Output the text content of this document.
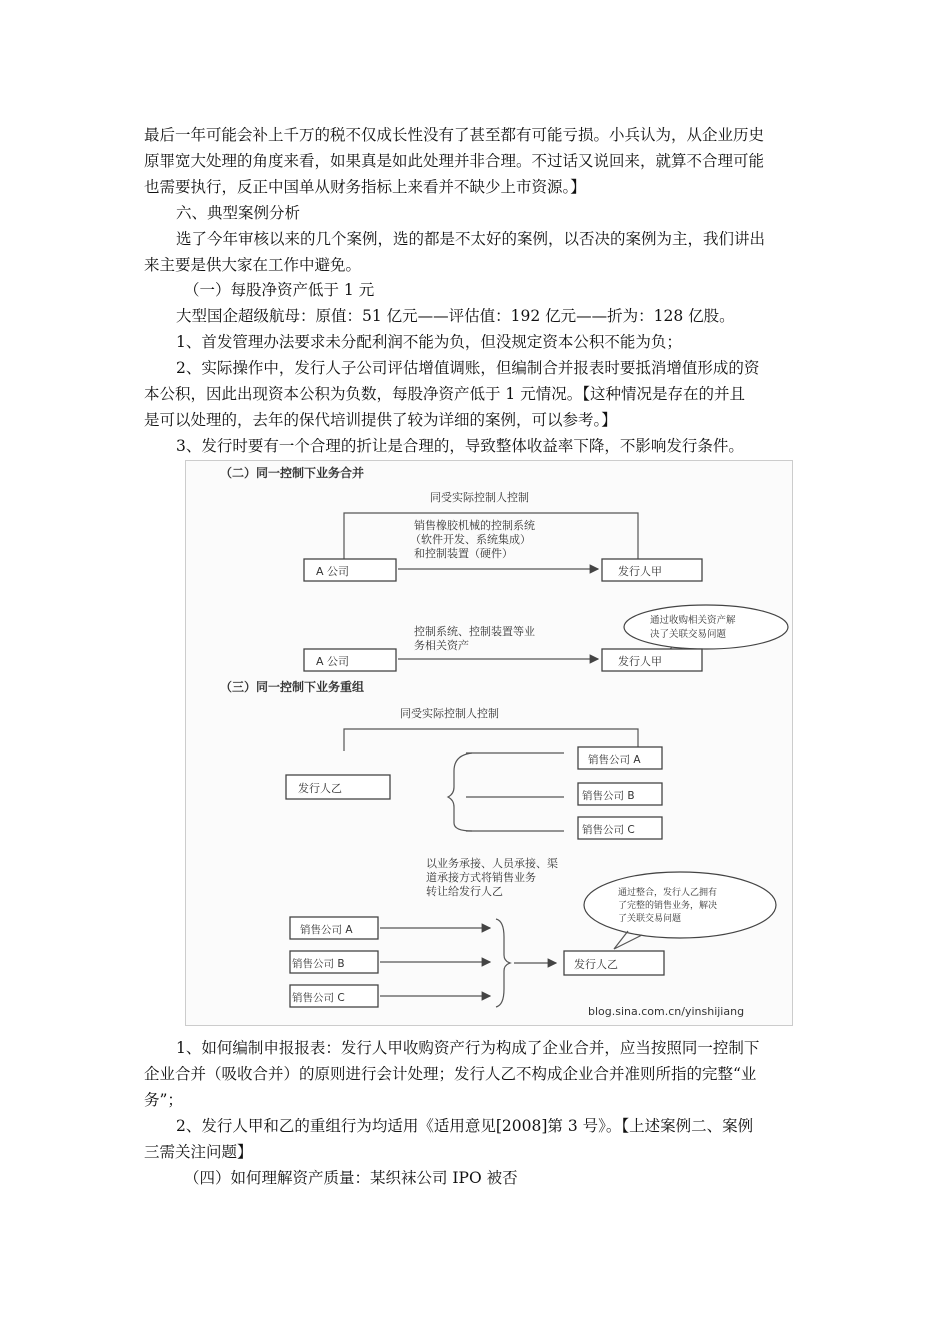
最后一年可能会补上千万的税不仅成长性没有了甚至都有可能亏损。小兵认为，从企业历史
原罪宽大处理的角度来看，如果真是如此处理并非合理。不过话又说回来，就算不合理可能
也需要执行，反正中国单从财务指标上来看并不缺少上市资源。】
六、典型案例分析
选了今年审核以来的几个案例，选的都是不太好的案例，以否决的案例为主，我们讲出
来主要是供大家在工作中避免。
（一）每股净资产低于 1 元
大型国企超级航母：原值：51 亿元——评估值：192 亿元——折为：128 亿股。
1、首发管理办法要求未分配利润不能为负，但没规定资本公积不能为负；
2、实际操作中，发行人子公司评估增值调账，但编制合并报表时要抵消增值形成的资
本公积，因此出现资本公积为负数，每股净资产低于 1 元情况。【这种情况是存在的并且
是可以处理的，去年的保代培训提供了较为详细的案例，可以参考。】
3、发行时要有一个合理的折让是合理的，导致整体收益率下降，不影响发行条件。
（二）同一控制下业务合并
同受实际控制人控制
A 公司	发行人甲
销售橡胶机械的控制系统
（软件开发、系统集成）
和控制装置（硬件）
通过收购相关资产解
决了关联交易问题
A 公司	发行人甲
控制系统、控制装置等业
务相关资产
（三）同一控制下业务重组
同受实际控制人控制
发行人乙
销售公司 A
销售公司 B
销售公司 C
以业务承接、人员承接、渠
道承接方式将销售业务
转让给发行人乙	通过整合，发行人乙拥有
了完整的销售业务，解决
了关联交易问题
销售公司 A
销售公司 B
销售公司 C
发行人乙
blog.sina.com.cn/yinshijiang
1、如何编制申报报表：发行人甲收购资产行为构成了企业合并，应当按照同一控制下
企业合并（吸收合并）的原则进行会计处理；发行人乙不构成企业合并准则所指的完整“业
务”；
2、发行人甲和乙的重组行为均适用《适用意见[2008]第 3 号》。【上述案例二、案例
三需关注问题】
（四）如何理解资产质量：某织袜公司 IPO 被否
